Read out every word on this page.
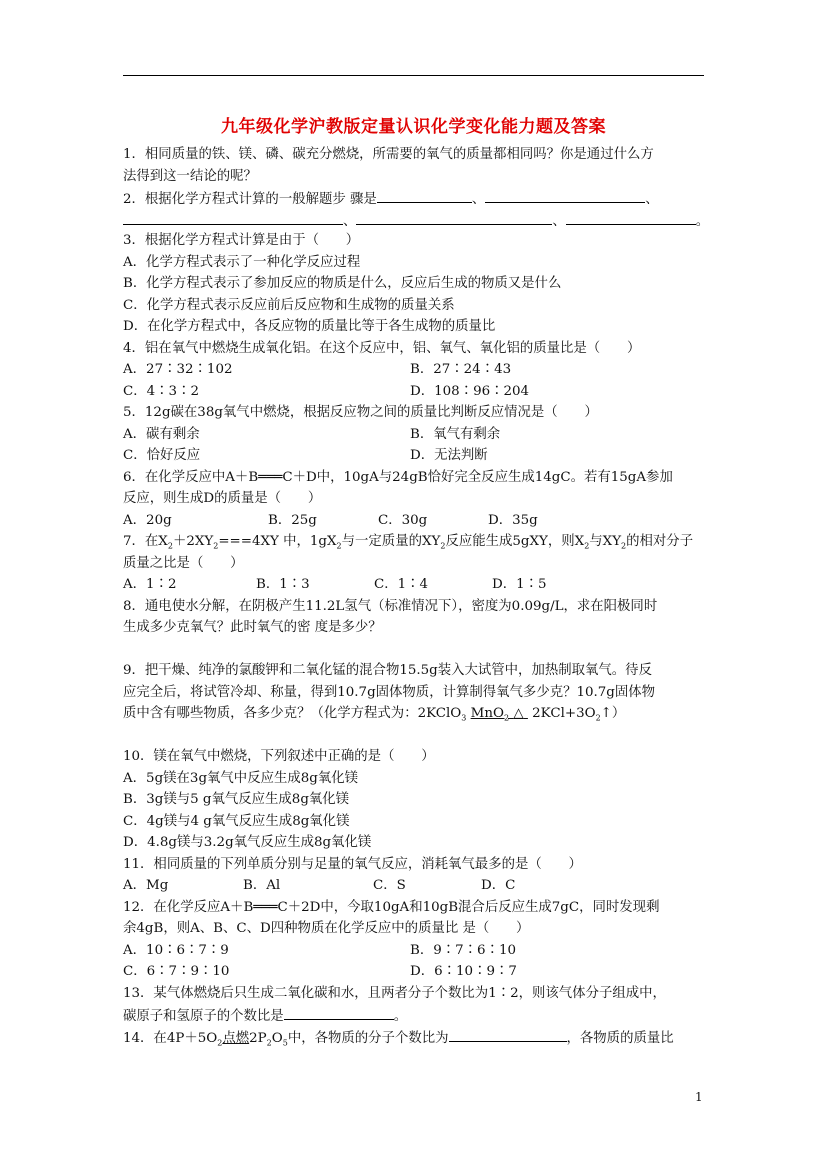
九年级化学沪教版定量认识化学变化能力题及答案
1．相同质量的铁、镁、磷、碳充分燃烧，所需要的氧气的质量都相同吗？你是通过什么方
法得到这一结论的呢？
2．根据化学方程式计算的一般解题步 骤是	、	、
、	、	。
3．根据化学方程式计算是由于（　　）
A．化学方程式表示了一种化学反应过程
B．化学方程式表示了参加反应的物质是什么，反应后生成的物质又是什么
C．化学方程式表示反应前后反应物和生成物的质量关系
D．在化学方程式中，各反应物的质量比等于各生成物的质量比
4．铝在氧气中燃烧生成氧化铝。在这个反应中，铝、氧气、氧化铝的质量比是（　　）
A．27∶32∶102	B．27∶24∶43
C．4∶3∶2	D．108∶96∶204
5．12g碳在38g氧气中燃烧，根据反应物之间的质量比判断反应情况是（　　）
A．碳有剩余	B．氧气有剩余
C．恰好反应	D．无法判断
6．在化学反应中A＋B═══C＋D中，10gA与24gB恰好完全反应生成14gC。若有15gA参加
反应，则生成D的质量是（　　）
A．20g	B．25g	C．30g	D．35g
7．在$X_2+2XY_2===4XY$ 中，$1gX_2$与一定质量的$XY_2$反应能生成5gXY，则$X_2$与$XY_2$的相对分子
质量之比是（　　）
A．1∶2	B．1∶3	C．1∶4	D．1∶5
8．通电使水分解，在阴极产生11.2L氢气（标准情况下），密度为0.09g/L，求在阳极同时
生成多少克氧气？此时氧气的密 度是多少？
9．把干燥、纯净的氯酸钾和二氧化锰的混合物15.5g装入大试管中，加热制取氧气。待反
应完全后，将试管冷却、称量，得到10.7g固体物质，计算制得氧气多少克？10.7g固体物
质中含有哪些物质，各多少克？（化学方程式为：2KClO$_3$ MnO$_2$ △ $2KCl+3O_2↑$）
10．镁在氧气中燃烧，下列叙述中正确的是（　　）
A．5g镁在3g氧气中反应生成8g氧化镁
B．3g镁与5 g氧气反应生成8g氧化镁
C．4g镁与4 g氧气反应生成8g氧化镁
D．4.8g镁与3.2g氧气反应生成8g氧化镁
11．相同质量的下列单质分别与足量的氧气反应，消耗氧气最多的是（　　）
A．Mg	B．Al	C．S	D．C
12．在化学反应A＋B═══C＋2D中，今取10gA和10gB混合后反应生成7gC，同时发现剩
余4gB，则A、B、C、D四种物质在化学反应中的质量比 是（　　）
A．10∶6∶7∶9	B．9∶7∶6∶10
C．6∶7∶9∶10	D．6∶10∶9∶7
13．某气体燃烧后只生成二氧化碳和水，且两者分子个数比为1∶2，则该气体分子组成中，
碳原子和氢原子的个数比是	。
14．在$4P+5O_2$点燃$2P_2O_5$中，各物质的分子个数比为	，各物质的质量比
1
